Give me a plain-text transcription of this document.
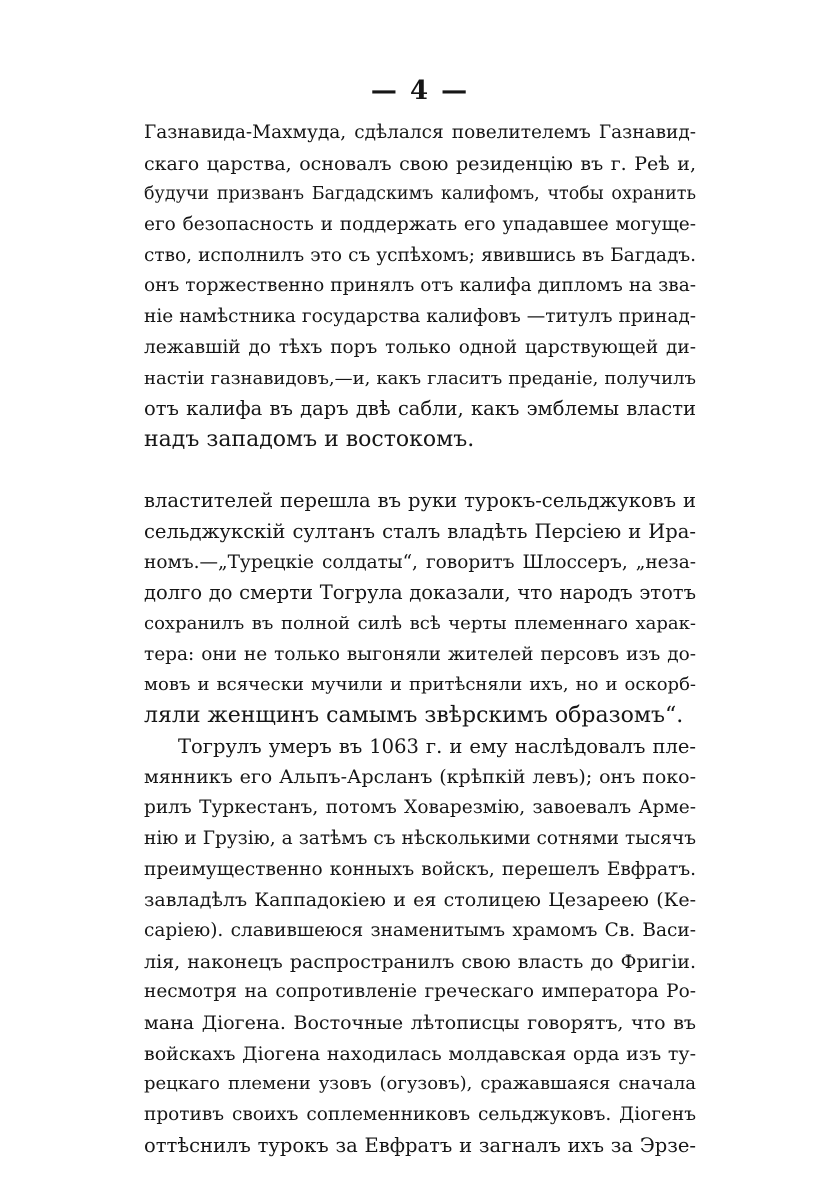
— 4 —
Газнавида-Махмуда, сдѣлался повелителемъ Газнавид-
скаго царства, основалъ свою резиденцію въ г. Реѣ и,
будучи призванъ Багдадскимъ калифомъ, чтобы охранить
его безопасность и поддержать его упадавшее могуще-
ство, исполнилъ это съ успѣхомъ; явившись въ Багдадъ.
онъ торжественно принялъ отъ калифа дипломъ на зва-
ніе намѣстника государства калифовъ —титулъ принад-
лежавшій до тѣхъ поръ только одной царствующей ди-
настіи газнавидовъ,—и, какъ гласитъ преданіе, получилъ
отъ калифа въ даръ двѣ сабли, какъ эмблемы власти
надъ западомъ и востокомъ.
властителей перешла въ руки турокъ-сельджуковъ и
сельджукскій султанъ сталъ владѣть Персіею и Ира-
номъ.—„Турецкіе солдаты“, говоритъ Шлоссеръ, „неза-
долго до смерти Тогрула доказали, что народъ этотъ
сохранилъ въ полной силѣ всѣ черты племеннаго харак-
тера: они не только выгоняли жителей персовъ изъ до-
мовъ и всячески мучили и притѣсняли ихъ, но и оскорб-
ляли женщинъ самымъ звѣрскимъ образомъ“.
Тогрулъ умеръ въ 1063 г. и ему наслѣдовалъ пле-
мянникъ его Альпъ-Арсланъ (крѣпкій левъ); онъ поко-
рилъ Туркестанъ, потомъ Ховарезмію, завоевалъ Арме-
нію и Грузію, а затѣмъ съ нѣсколькими сотнями тысячъ
преимущественно конныхъ войскъ, перешелъ Евфратъ.
завладѣлъ Каппадокіею и ея столицею Цезареею (Ке-
саріею). славившеюся знаменитымъ храмомъ Св. Васи-
лія, наконецъ распространилъ свою власть до Фригіи.
несмотря на сопротивленіе греческаго императора Ро-
мана Діогена. Восточные лѣтописцы говорятъ, что въ
войскахъ Діогена находилась молдавская орда изъ ту-
рецкаго племени узовъ (огузовъ), сражавшаяся сначала
противъ своихъ соплеменниковъ сельджуковъ. Діогенъ
оттѣснилъ турокъ за Евфратъ и загналъ ихъ за Эрзе-
